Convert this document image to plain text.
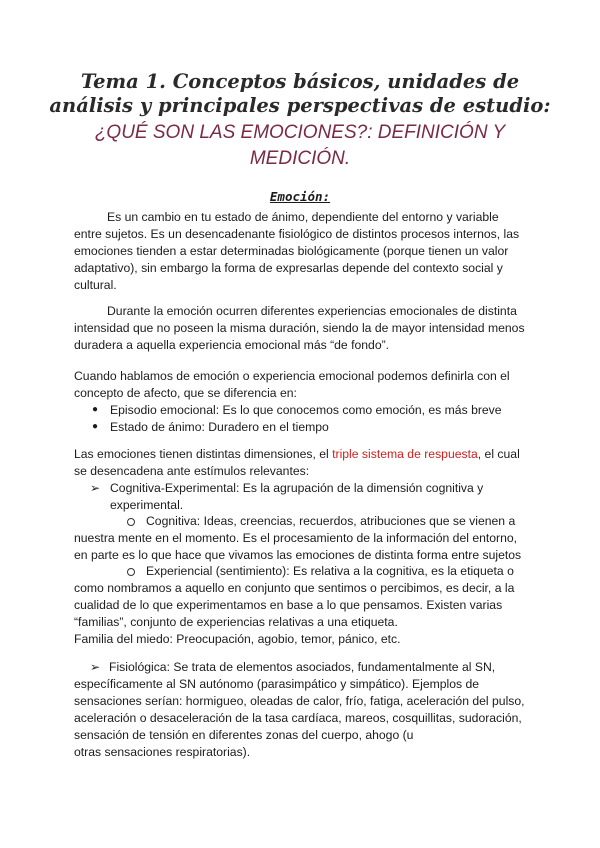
Tema 1. Conceptos básicos, unidades de
análisis y principales perspectivas de estudio:
¿QUÉ SON LAS EMOCIONES?: DEFINICIÓN Y
MEDICIÓN.
Emoción:
Es un cambio en tu estado de ánimo, dependiente del entorno y variable
entre sujetos. Es un desencadenante fisiológico de distintos procesos internos, las
emociones tienden a estar determinadas biológicamente (porque tienen un valor
adaptativo), sin embargo la forma de expresarlas depende del contexto social y
cultural.
Durante la emoción ocurren diferentes experiencias emocionales de distinta
intensidad que no poseen la misma duración, siendo la de mayor intensidad menos
duradera a aquella experiencia emocional más “de fondo”.
Cuando hablamos de emoción o experiencia emocional podemos definirla con el
concepto de afecto, que se diferencia en:
● Episodio emocional: Es lo que conocemos como emoción, es más breve
● Estado de ánimo: Duradero en el tiempo
Las emociones tienen distintas dimensiones, el triple sistema de respuesta, el cual
se desencadena ante estímulos relevantes:
➢ Cognitiva-Experimental: Es la agrupación de la dimensión cognitiva y
experimental.
Cognitiva: Ideas, creencias, recuerdos, atribuciones que se vienen a
nuestra mente en el momento. Es el procesamiento de la información del entorno,
en parte es lo que hace que vivamos las emociones de distinta forma entre sujetos
Experiencial (sentimiento): Es relativa a la cognitiva, es la etiqueta o
como nombramos a aquello en conjunto que sentimos o percibimos, es decir, a la
cualidad de lo que experimentamos en base a lo que pensamos. Existen varias
“familias”, conjunto de experiencias relativas a una etiqueta.
Familia del miedo: Preocupación, agobio, temor, pánico, etc.
➢ Fisiológica: Se trata de elementos asociados, fundamentalmente al SN,
específicamente al SN autónomo (parasimpático y simpático). Ejemplos de
sensaciones serían: hormigueo, oleadas de calor, frío, fatiga, aceleración del pulso,
aceleración o desaceleración de la tasa cardíaca, mareos, cosquillitas, sudoración,
sensación de tensión en diferentes zonas del cuerpo, ahogo (u
otras sensaciones respiratorias).
